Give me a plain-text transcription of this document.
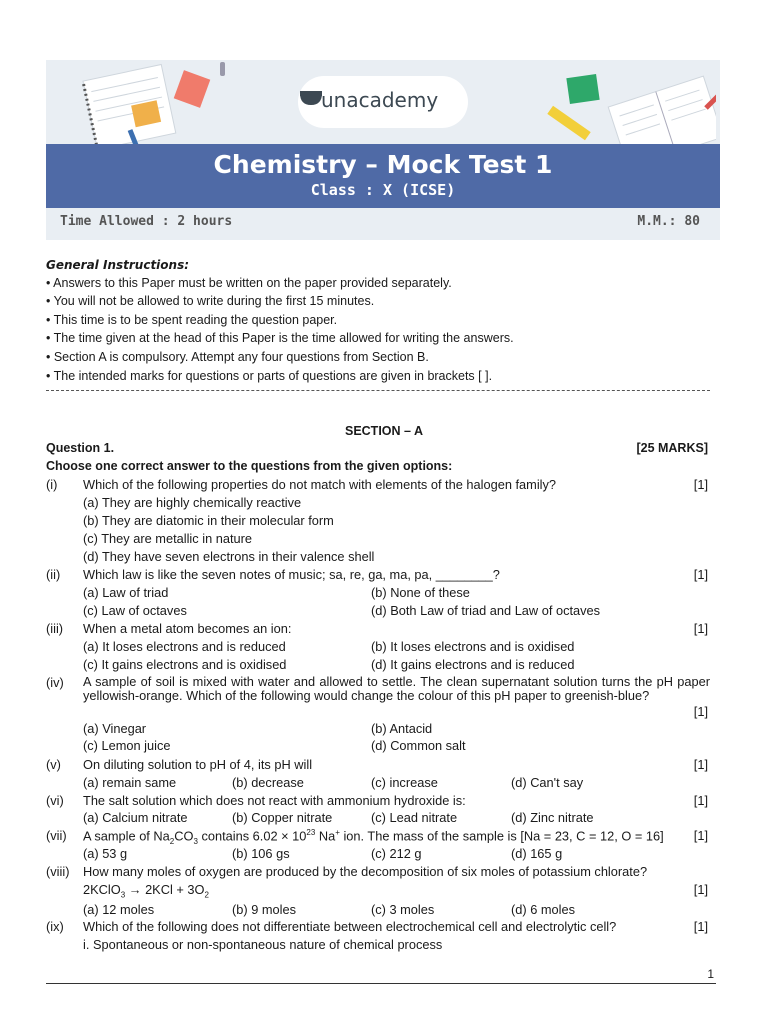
unacademy
Chemistry – Mock Test 1
Class : X (ICSE)
Time Allowed : 2 hours	M.M.: 80
General Instructions:
• Answers to this Paper must be written on the paper provided separately.
• You will not be allowed to write during the first 15 minutes.
• This time is to be spent reading the question paper.
• The time given at the head of this Paper is the time allowed for writing the answers.
• Section A is compulsory. Attempt any four questions from Section B.
• The intended marks for questions or parts of questions are given in brackets [ ].
SECTION – A
Question 1.	[25 MARKS]
Choose one correct answer to the questions from the given options:
(i) Which of the following properties do not match with elements of the halogen family?	[1]
(a) They are highly chemically reactive
(b) They are diatomic in their molecular form
(c) They are metallic in nature
(d) They have seven electrons in their valence shell
(ii) Which law is like the seven notes of music; sa, re, ga, ma, pa, ________?	[1]
(a) Law of triad	(b) None of these
(c) Law of octaves	(d) Both Law of triad and Law of octaves
(iii) When a metal atom becomes an ion:	[1]
(a) It loses electrons and is reduced	(b) It loses electrons and is oxidised
(c) It gains electrons and is oxidised	(d) It gains electrons and is reduced
(iv) A sample of soil is mixed with water and allowed to settle. The clean supernatant solution turns the pH paper yellowish-orange. Which of the following would change the colour of this pH paper to greenish-blue?
[1]
(a) Vinegar	(b) Antacid
(c) Lemon juice	(d) Common salt
(v) On diluting solution to pH of 4, its pH will	[1]
(a) remain same	(b) decrease	(c) increase	(d) Can't say
(vi) The salt solution which does not react with ammonium hydroxide is:	[1]
(a) Calcium nitrate	(b) Copper nitrate	(c) Lead nitrate	(d) Zinc nitrate
(vii) A sample of $Na_2CO_3$ contains $6.02 \times 10^{23}$ Na+ ion. The mass of the sample is [Na = 23, C = 12, O = 16] [1]
(a) 53 g	(b) 106 gs	(c) 212 g	(d) 165 g
(viii) How many moles of oxygen are produced by the decomposition of six moles of potassium chlorate?
2KClO$_3$ → $2KCl + 3O_2$	[1]
(a) 12 moles	(b) 9 moles	(c) 3 moles	(d) 6 moles
(ix) Which of the following does not differentiate between electrochemical cell and electrolytic cell?	[1]
i. Spontaneous or non-spontaneous nature of chemical process
1
